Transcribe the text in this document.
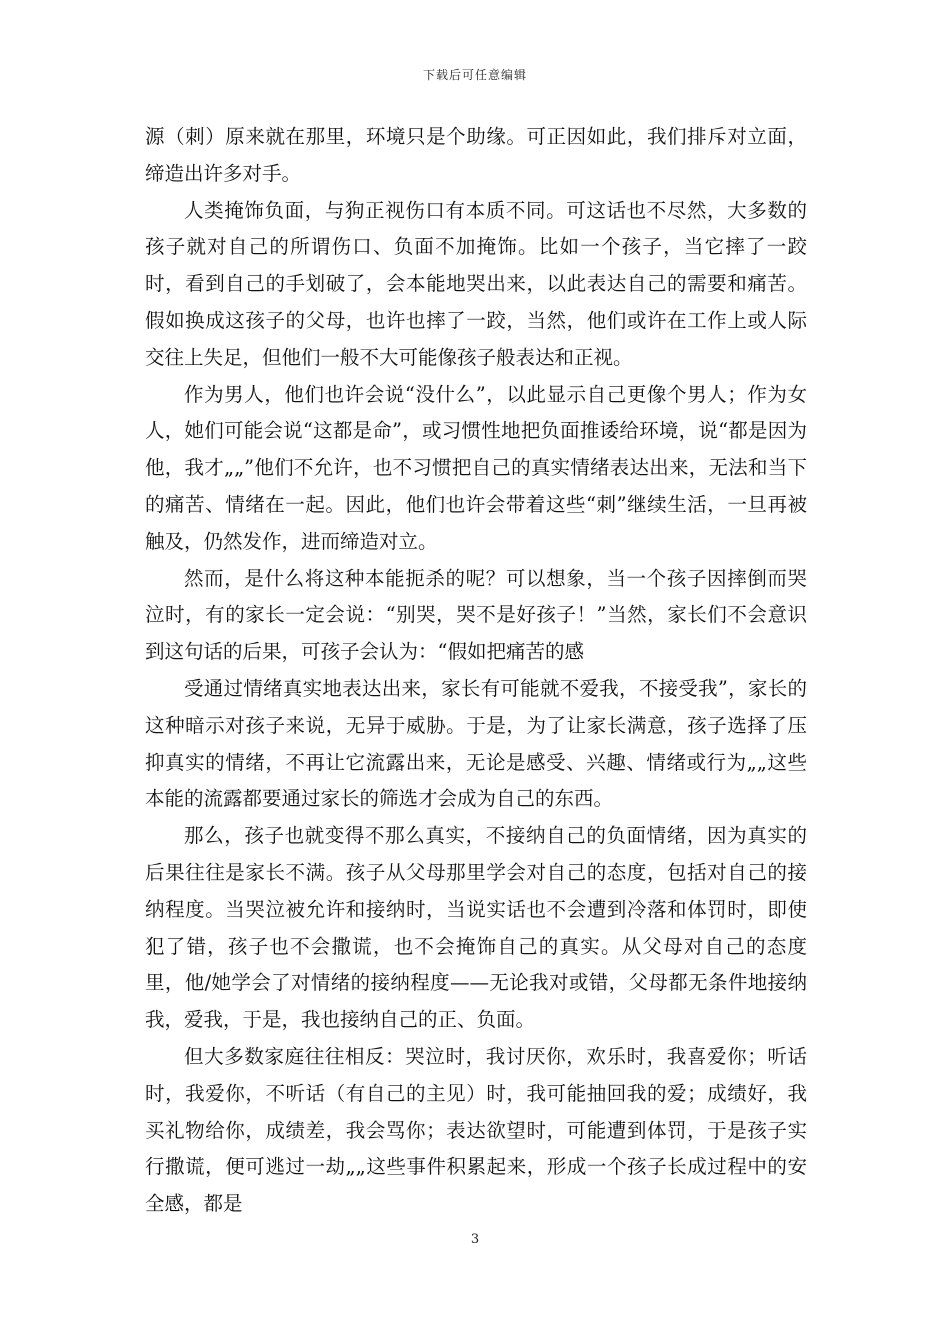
下载后可任意编辑

源（刺）原来就在那里，环境只是个助缘。可正因如此，我们排斥对立面，缔造出许多对手。

人类掩饰负面，与狗正视伤口有本质不同。可这话也不尽然，大多数的孩子就对自己的所谓伤口、负面不加掩饰。比如一个孩子，当它摔了一跤时，看到自己的手划破了，会本能地哭出来，以此表达自己的需要和痛苦。假如换成这孩子的父母，也许也摔了一跤，当然，他们或许在工作上或人际交往上失足，但他们一般不大可能像孩子般表达和正视。

作为男人，他们也许会说“没什么”，以此显示自己更像个男人；作为女人，她们可能会说“这都是命”，或习惯性地把负面推诿给环境，说“都是因为他，我才„„”他们不允许，也不习惯把自己的真实情绪表达出来，无法和当下的痛苦、情绪在一起。因此，他们也许会带着这些“刺”继续生活，一旦再被触及，仍然发作，进而缔造对立。

然而，是什么将这种本能扼杀的呢？可以想象，当一个孩子因摔倒而哭泣时，有的家长一定会说：“别哭，哭不是好孩子！”当然，家长们不会意识到这句话的后果，可孩子会认为：“假如把痛苦的感

受通过情绪真实地表达出来，家长有可能就不爱我，不接受我”，家长的这种暗示对孩子来说，无异于威胁。于是，为了让家长满意，孩子选择了压抑真实的情绪，不再让它流露出来，无论是感受、兴趣、情绪或行为„„这些本能的流露都要通过家长的筛选才会成为自己的东西。

那么，孩子也就变得不那么真实，不接纳自己的负面情绪，因为真实的后果往往是家长不满。孩子从父母那里学会对自己的态度，包括对自己的接纳程度。当哭泣被允许和接纳时，当说实话也不会遭到冷落和体罚时，即使犯了错，孩子也不会撒谎，也不会掩饰自己的真实。从父母对自己的态度里，他/她学会了对情绪的接纳程度——无论我对或错，父母都无条件地接纳我，爱我，于是，我也接纳自己的正、负面。

但大多数家庭往往相反：哭泣时，我讨厌你，欢乐时，我喜爱你；听话时，我爱你，不听话（有自己的主见）时，我可能抽回我的爱；成绩好，我买礼物给你，成绩差，我会骂你；表达欲望时，可能遭到体罚，于是孩子实行撒谎，便可逃过一劫„„这些事件积累起来，形成一个孩子长成过程中的安全感，都是

3
